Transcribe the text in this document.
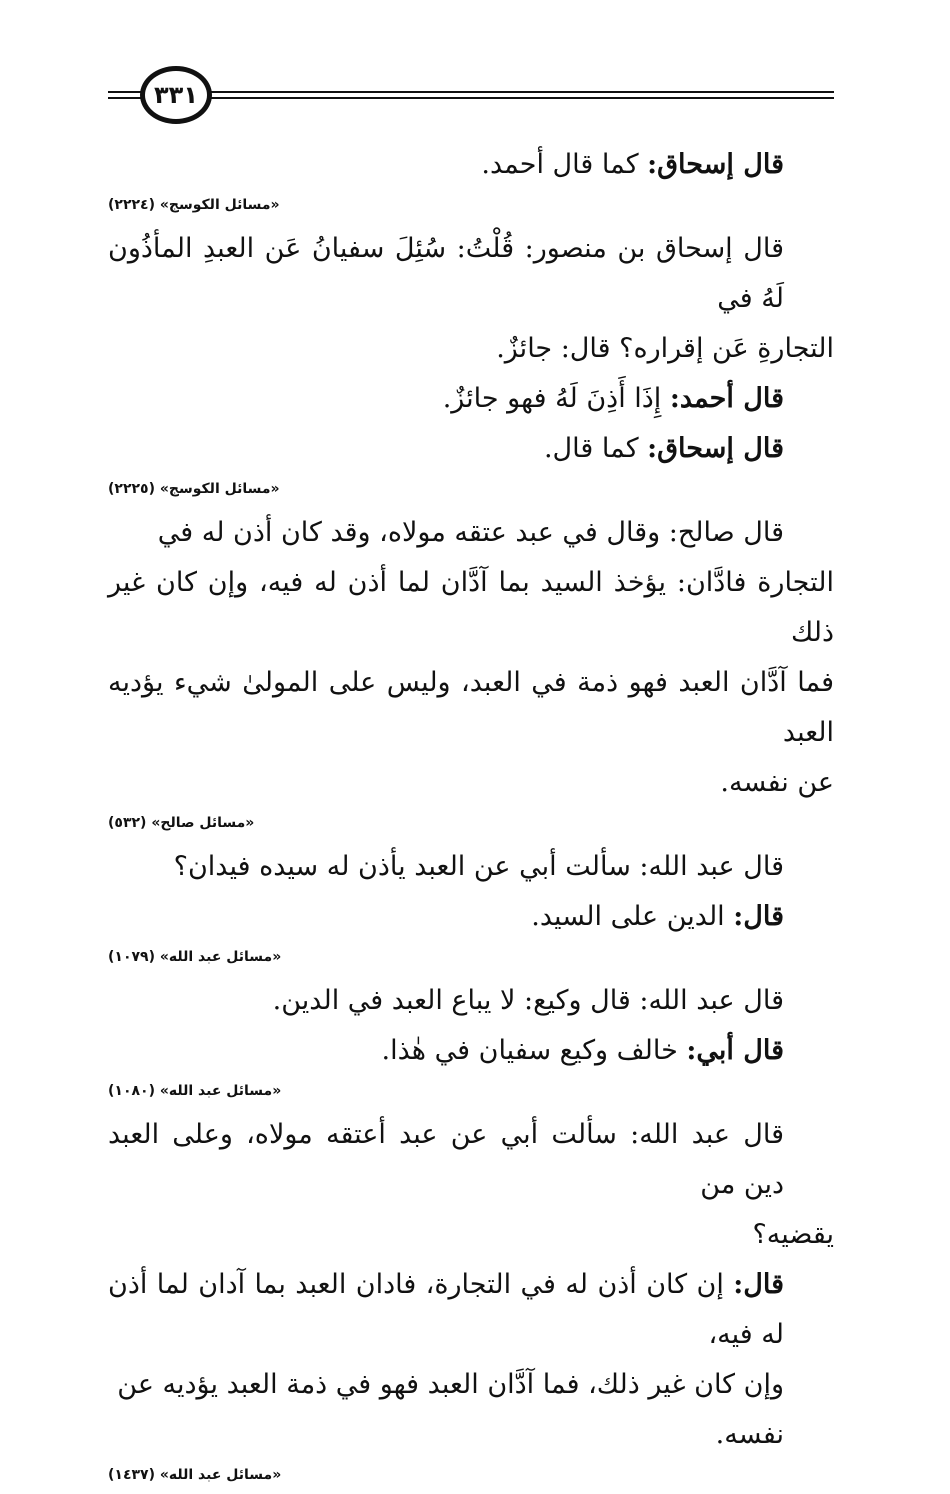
٣٣١

قال إسحاق: كما قال أحمد.

«مسائل الكوسج» (٢٢٢٤)

قال إسحاق بن منصور: قُلْتُ: سُئِلَ سفيانُ عَن العبدِ المأذُون لَهُ في

التجارةِ عَن إقراره؟ قال: جائزٌ.

قال أحمد: إِذَا أَذِنَ لَهُ فهو جائزٌ.

قال إسحاق: كما قال.

«مسائل الكوسج» (٢٢٢٥)

قال صالح: وقال في عبد عتقه مولاه، وقد كان أذن له في

التجارة فادَّان: يؤخذ السيد بما آدَّان لما أذن له فيه، وإن كان غير ذلك

فما آدَّان العبد فهو ذمة في العبد، وليس على المولىٰ شيء يؤديه العبد

عن نفسه.

«مسائل صالح» (٥٣٢)

قال عبد الله: سألت أبي عن العبد يأذن له سيده فيدان؟

قال: الدين على السيد.

«مسائل عبد الله» (١٠٧٩)

قال عبد الله: قال وكيع: لا يباع العبد في الدين.

قال أبي: خالف وكيع سفيان في هٰذا.

«مسائل عبد الله» (١٠٨٠)

قال عبد الله: سألت أبي عن عبد أعتقه مولاه، وعلى العبد دين من

يقضيه؟

قال: إن كان أذن له في التجارة، فادان العبد بما آدان لما أذن له فيه،

وإن كان غير ذلك، فما آدَّان العبد فهو في ذمة العبد يؤديه عن نفسه.

«مسائل عبد الله» (١٤٣٧)
